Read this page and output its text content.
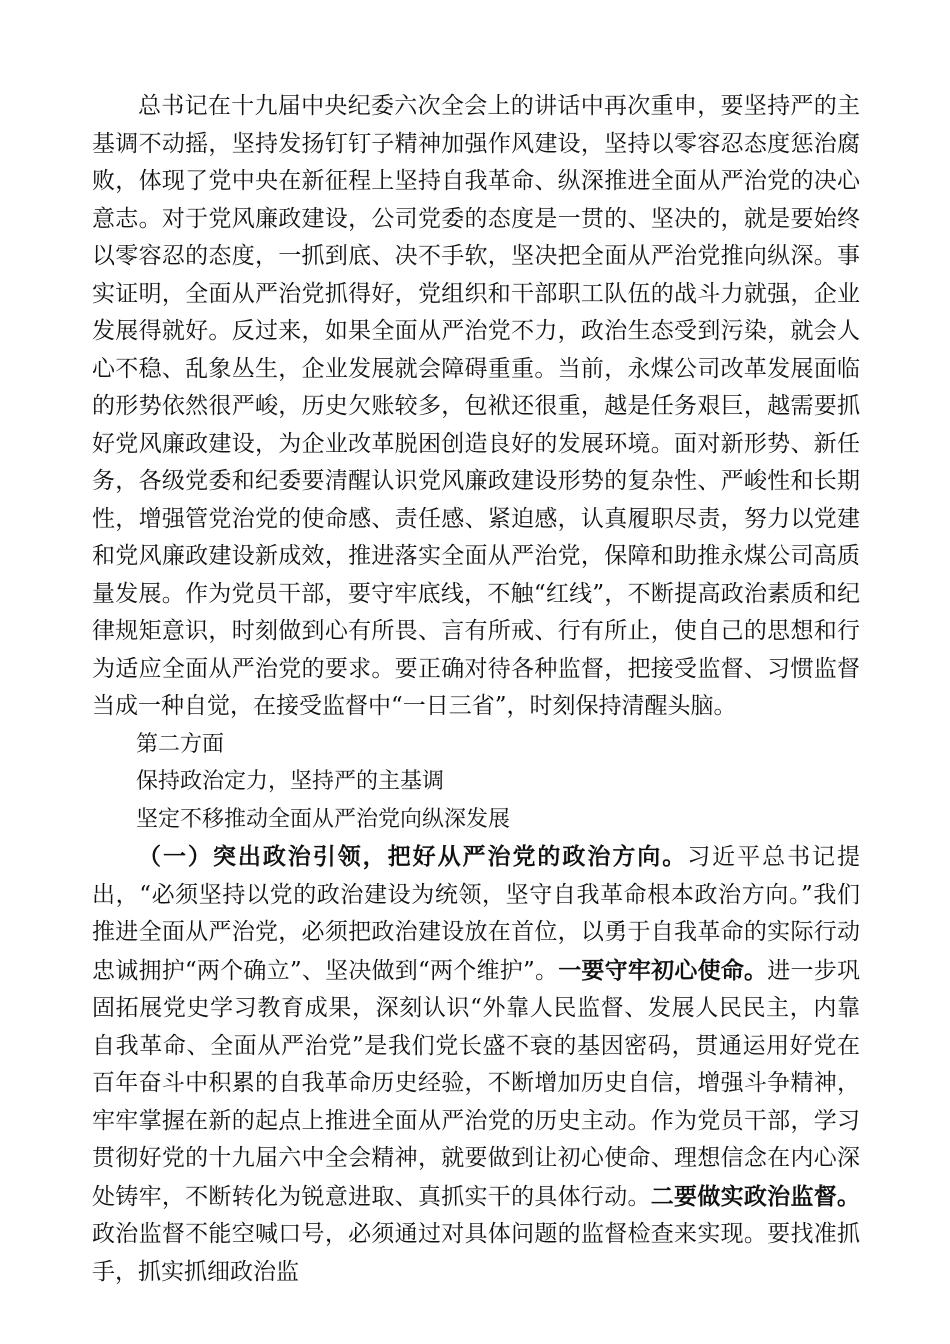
总书记在十九届中央纪委六次全会上的讲话中再次重申，要坚持严的主基调不动摇，坚持发扬钉钉子精神加强作风建设，坚持以零容忍态度惩治腐败，体现了党中央在新征程上坚持自我革命、纵深推进全面从严治党的决心意志。对于党风廉政建设，公司党委的态度是一贯的、坚决的，就是要始终以零容忍的态度，一抓到底、决不手软，坚决把全面从严治党推向纵深。事实证明，全面从严治党抓得好，党组织和干部职工队伍的战斗力就强，企业发展得就好。反过来，如果全面从严治党不力，政治生态受到污染，就会人心不稳、乱象丛生，企业发展就会障碍重重。当前，永煤公司改革发展面临的形势依然很严峻，历史欠账较多，包袱还很重，越是任务艰巨，越需要抓好党风廉政建设，为企业改革脱困创造良好的发展环境。面对新形势、新任务，各级党委和纪委要清醒认识党风廉政建设形势的复杂性、严峻性和长期性，增强管党治党的使命感、责任感、紧迫感，认真履职尽责，努力以党建和党风廉政建设新成效，推进落实全面从严治党，保障和助推永煤公司高质量发展。作为党员干部，要守牢底线，不触“红线”，不断提高政治素质和纪律规矩意识，时刻做到心有所畏、言有所戒、行有所止，使自己的思想和行为适应全面从严治党的要求。要正确对待各种监督，把接受监督、习惯监督当成一种自觉，在接受监督中“一日三省”，时刻保持清醒头脑。

第二方面

保持政治定力，坚持严的主基调

坚定不移推动全面从严治党向纵深发展

（一）突出政治引领，把好从严治党的政治方向。习近平总书记提出，“必须坚持以党的政治建设为统领，坚守自我革命根本政治方向。”我们推进全面从严治党，必须把政治建设放在首位，以勇于自我革命的实际行动忠诚拥护“两个确立”、坚决做到“两个维护”。一要守牢初心使命。进一步巩固拓展党史学习教育成果，深刻认识“外靠人民监督、发展人民民主，内靠自我革命、全面从严治党”是我们党长盛不衰的基因密码，贯通运用好党在百年奋斗中积累的自我革命历史经验，不断增加历史自信，增强斗争精神，牢牢掌握在新的起点上推进全面从严治党的历史主动。作为党员干部，学习贯彻好党的十九届六中全会精神，就要做到让初心使命、理想信念在内心深处铸牢，不断转化为锐意进取、真抓实干的具体行动。二要做实政治监督。政治监督不能空喊口号，必须通过对具体问题的监督检查来实现。要找准抓手，抓实抓细政治监
